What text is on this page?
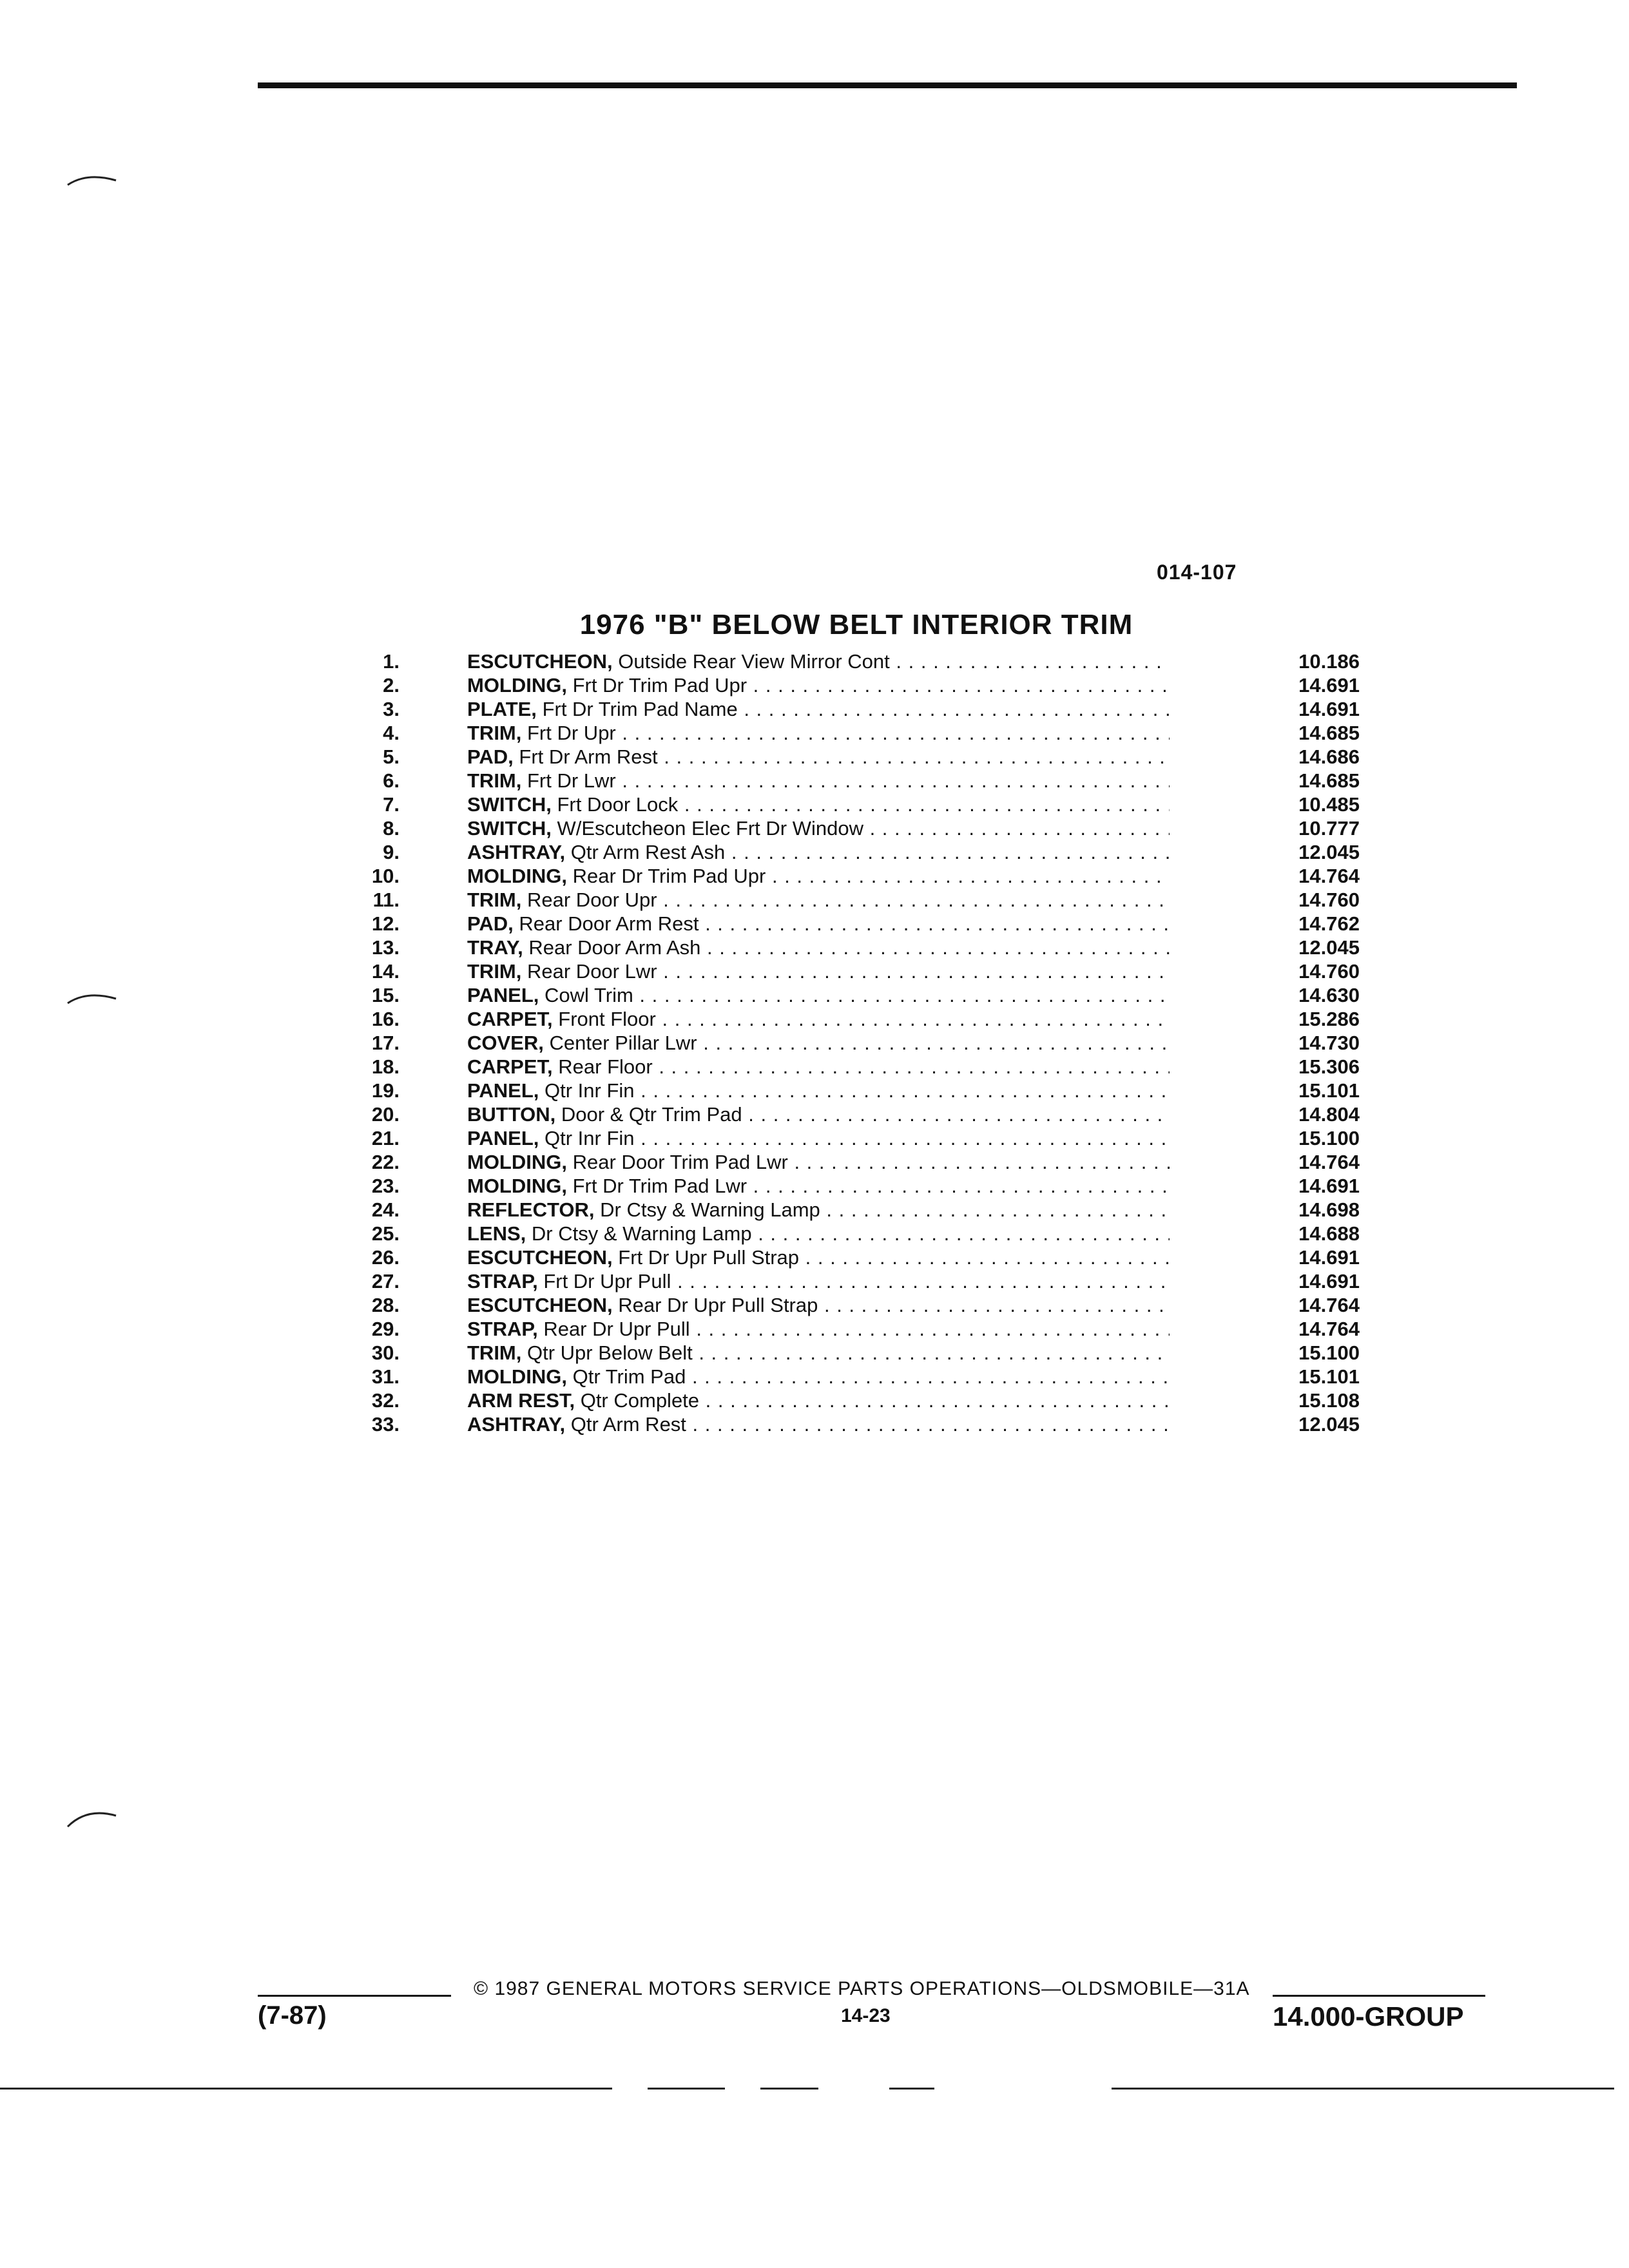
014-107
1976 "B" BELOW BELT INTERIOR TRIM
1.	ESCUTCHEON, Outside Rear View Mirror Cont . . .	10.186
2.	MOLDING, Frt Dr Trim Pad Upr . . .	14.691
3.	PLATE, Frt Dr Trim Pad Name . . .	14.691
4.	TRIM, Frt Dr Upr . . .	14.685
5.	PAD, Frt Dr Arm Rest . . .	14.686
6.	TRIM, Frt Dr Lwr . . .	14.685
7.	SWITCH, Frt Door Lock . . .	10.485
8.	SWITCH, W/Escutcheon Elec Frt Dr Window . . .	10.777
9.	ASHTRAY, Qtr Arm Rest Ash . . .	12.045
10.	MOLDING, Rear Dr Trim Pad Upr . . .	14.764
11.	TRIM, Rear Door Upr . . .	14.760
12.	PAD, Rear Door Arm Rest . . .	14.762
13.	TRAY, Rear Door Arm Ash . . .	12.045
14.	TRIM, Rear Door Lwr . . .	14.760
15.	PANEL, Cowl Trim . . .	14.630
16.	CARPET, Front Floor . . .	15.286
17.	COVER, Center Pillar Lwr . . .	14.730
18.	CARPET, Rear Floor . . .	15.306
19.	PANEL, Qtr Inr Fin . . .	15.101
20.	BUTTON, Door & Qtr Trim Pad . . .	14.804
21.	PANEL, Qtr Inr Fin . . .	15.100
22.	MOLDING, Rear Door Trim Pad Lwr . . .	14.764
23.	MOLDING, Frt Dr Trim Pad Lwr . . .	14.691
24.	REFLECTOR, Dr Ctsy & Warning Lamp . . .	14.698
25.	LENS, Dr Ctsy & Warning Lamp . . .	14.688
26.	ESCUTCHEON, Frt Dr Upr Pull Strap . . .	14.691
27.	STRAP, Frt Dr Upr Pull . . .	14.691
28.	ESCUTCHEON, Rear Dr Upr Pull Strap . . .	14.764
29.	STRAP, Rear Dr Upr Pull . . .	14.764
30.	TRIM, Qtr Upr Below Belt . . .	15.100
31.	MOLDING, Qtr Trim Pad . . .	15.101
32.	ARM REST, Qtr Complete . . .	15.108
33.	ASHTRAY, Qtr Arm Rest . . .	12.045
© 1987 GENERAL MOTORS SERVICE PARTS OPERATIONS—OLDSMOBILE—31A
(7-87)	14-23	14.000-GROUP
